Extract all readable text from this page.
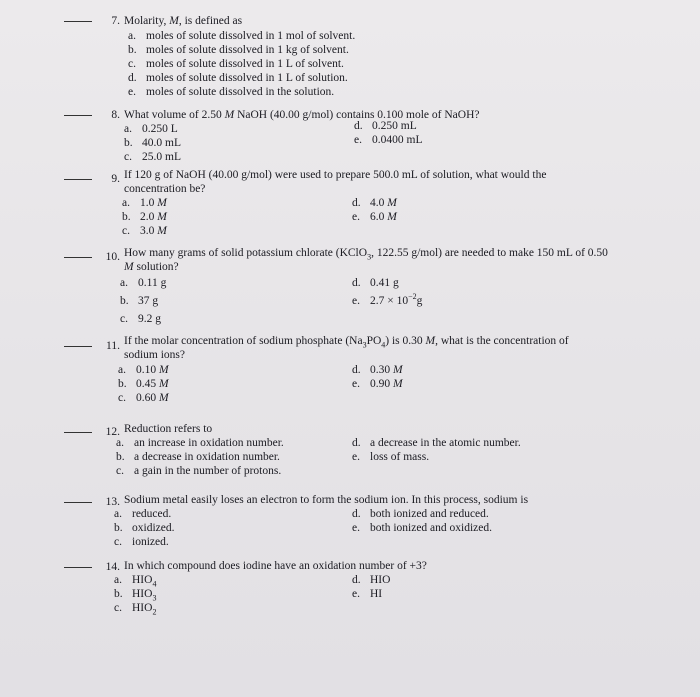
7. Molarity, M, is defined as
a. moles of solute dissolved in 1 mol of solvent.
b. moles of solute dissolved in 1 kg of solvent.
c. moles of solute dissolved in 1 L of solvent.
d. moles of solute dissolved in 1 L of solution.
e. moles of solute dissolved in the solution.
8. What volume of 2.50 M NaOH (40.00 g/mol) contains 0.100 mole of NaOH?
a. 0.250 L
b. 40.0 mL
c. 25.0 mL
d. 0.250 mL
e. 0.0400 mL
9. If 120 g of NaOH (40.00 g/mol) were used to prepare 500.0 mL of solution, what would the
concentration be?
a. 1.0 M
b. 2.0 M
c. 3.0 M
d. 4.0 M
e. 6.0 M
10. How many grams of solid potassium chlorate (KClO$_3$, 122.55 g/mol) are needed to make 150 mL of 0.50
M solution?
a. 0.11 g
b. 37 g
c. 9.2 g
d. 0.41 g
e. $2.7 \times 10^{-2}g$
11. If the molar concentration of sodium phosphate $(Na_3PO_4)$ is 0.30 M, what is the concentration of
sodium ions?
a. 0.10 M
b. 0.45 M
c. 0.60 M
d. 0.30 M
e. 0.90 M
12. Reduction refers to
a. an increase in oxidation number.
b. a decrease in oxidation number.
c. a gain in the number of protons.
d. a decrease in the atomic number.
e. loss of mass.
13. Sodium metal easily loses an electron to form the sodium ion. In this process, sodium is
a. reduced.
b. oxidized.
c. ionized.
d. both ionized and reduced.
e. both ionized and oxidized.
14. In which compound does iodine have an oxidation number of +3?
a. $HIO_4$
b. $HIO_3$
c. $HIO_2$
d. HIO
e. HI
